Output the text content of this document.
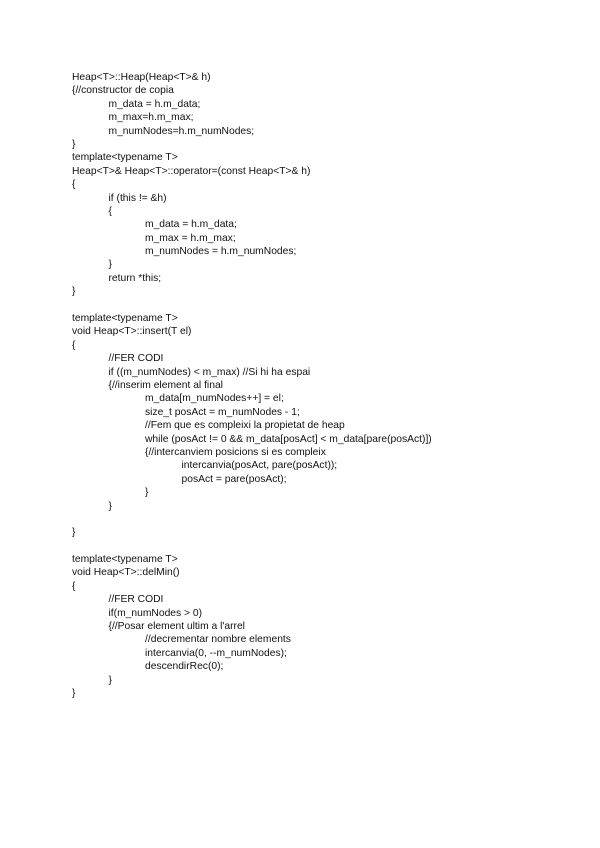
Heap<T>::Heap(Heap<T>& h)
{//constructor de copia
m_data = h.m_data;
m_max=h.m_max;
m_numNodes=h.m_numNodes;
}
template<typename T>
Heap<T>& Heap<T>::operator=(const Heap<T>& h)
{
if (this != &h)
{
m_data = h.m_data;
m_max = h.m_max;
m_numNodes = h.m_numNodes;
}
return *this;
}
template<typename T>
void Heap<T>::insert(T el)
{
//FER CODI
if ((m_numNodes) < m_max) //Si hi ha espai
{//inserim element al final
m_data[m_numNodes++] = el;
size_t posAct = m_numNodes - 1;
//Fem que es compleixi la propietat de heap
while (posAct != 0 && m_data[posAct] < m_data[pare(posAct)])
{//intercanviem posicions si es compleix
intercanvia(posAct, pare(posAct));
posAct = pare(posAct);
}
}
}
template<typename T>
void Heap<T>::delMin()
{
//FER CODI
if(m_numNodes > 0)
{//Posar element ultim a l'arrel
//decrementar nombre elements
intercanvia(0, --m_numNodes);
descendirRec(0);
}
}
